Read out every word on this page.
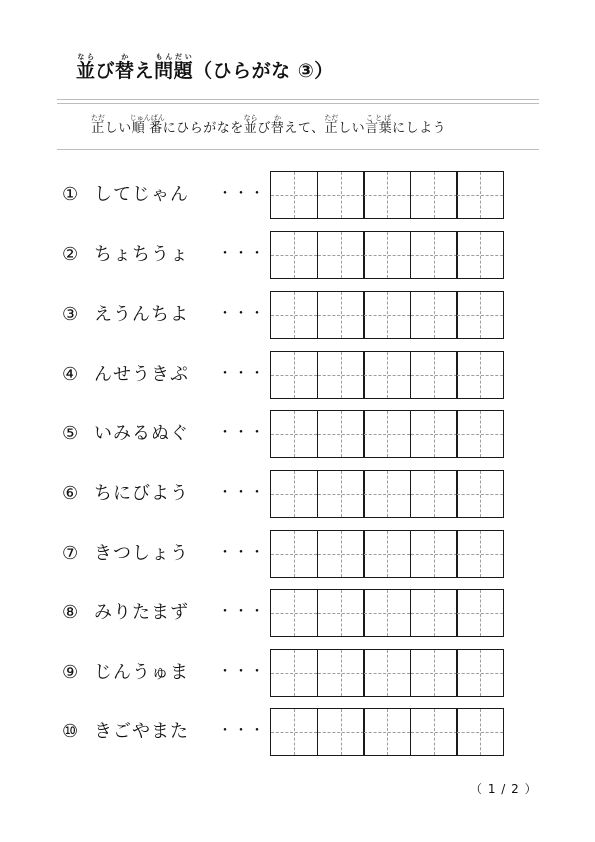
並ならび替かえ問題もんだい（ひらがな ③）
正ただしい順番じゅんばんにひらがなを並ならび替かえて、正ただしい言葉ことばにしよう
① してじゃん ・・・
② ちょちうょ ・・・
③ えうんちよ ・・・
④ んせうきぷ ・・・
⑤ いみるぬぐ ・・・
⑥ ちにびよう ・・・
⑦ きつしょう ・・・
⑧ みりたまず ・・・
⑨ じんうゅま ・・・
⑩ きごやまた ・・・
（ 1 / 2 ）
